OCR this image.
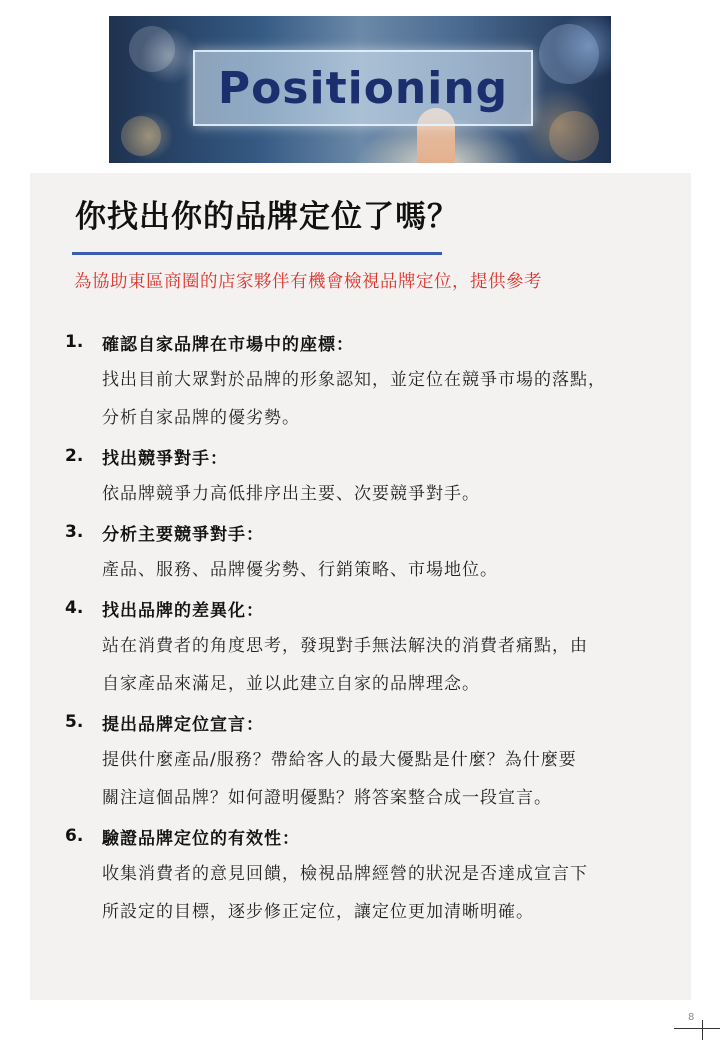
Positioning
你找出你的品牌定位了嗎？
為協助東區商圈的店家夥伴有機會檢視品牌定位，提供參考
1.	確認自家品牌在市場中的座標：
找出目前大眾對於品牌的形象認知，並定位在競爭市場的落點，
分析自家品牌的優劣勢。
2.	找出競爭對手：
依品牌競爭力高低排序出主要、次要競爭對手。
3.	分析主要競爭對手：
產品、服務、品牌優劣勢、行銷策略、市場地位。
4.	找出品牌的差異化：
站在消費者的角度思考，發現對手無法解決的消費者痛點，由
自家產品來滿足，並以此建立自家的品牌理念。
5.	提出品牌定位宣言：
提供什麼產品/服務？帶給客人的最大優點是什麼？為什麼要
關注這個品牌？如何證明優點？將答案整合成一段宣言。
6.	驗證品牌定位的有效性：
收集消費者的意見回饋，檢視品牌經營的狀況是否達成宣言下
所設定的目標，逐步修正定位，讓定位更加清晰明確。
8
